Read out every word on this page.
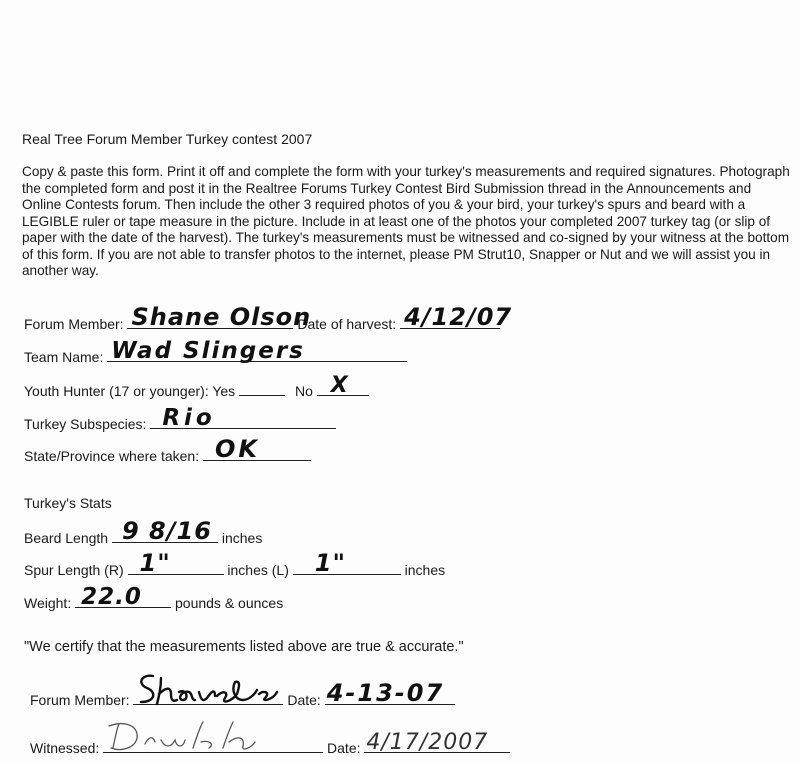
Real Tree Forum Member Turkey contest 2007
Copy & paste this form. Print it off and complete the form with your turkey's measurements and required signatures. Photograph the completed form and post it in the Realtree Forums Turkey Contest Bird Submission thread in the Announcements and Online Contests forum. Then include the other 3 required photos of you & your bird, your turkey's spurs and beard with a LEGIBLE ruler or tape measure in the picture. Include in at least one of the photos your completed 2007 turkey tag (or slip of paper with the date of the harvest). The turkey's measurements must be witnessed and co-signed by your witness at the bottom of this form. If you are not able to transfer photos to the internet, please PM Strut10, Snapper or Nut and we will assist you in another way.
Forum Member: Shane Olson
Date of harvest: 4/12/07
Team Name: Wad Slingers
Youth Hunter (17 or younger): Yes	No X
Turkey Subspecies: Rio
State/Province where taken: OK
Turkey's Stats
Beard Length 9 8/16 inches
Spur Length (R) 1"	inches (L) 1"	inches
Weight: 22.0 pounds & ounces
"We certify that the measurements listed above are true & accurate."
Forum Member:	Date: 4-13-07
Witnessed:	Date: 4/17/2007
